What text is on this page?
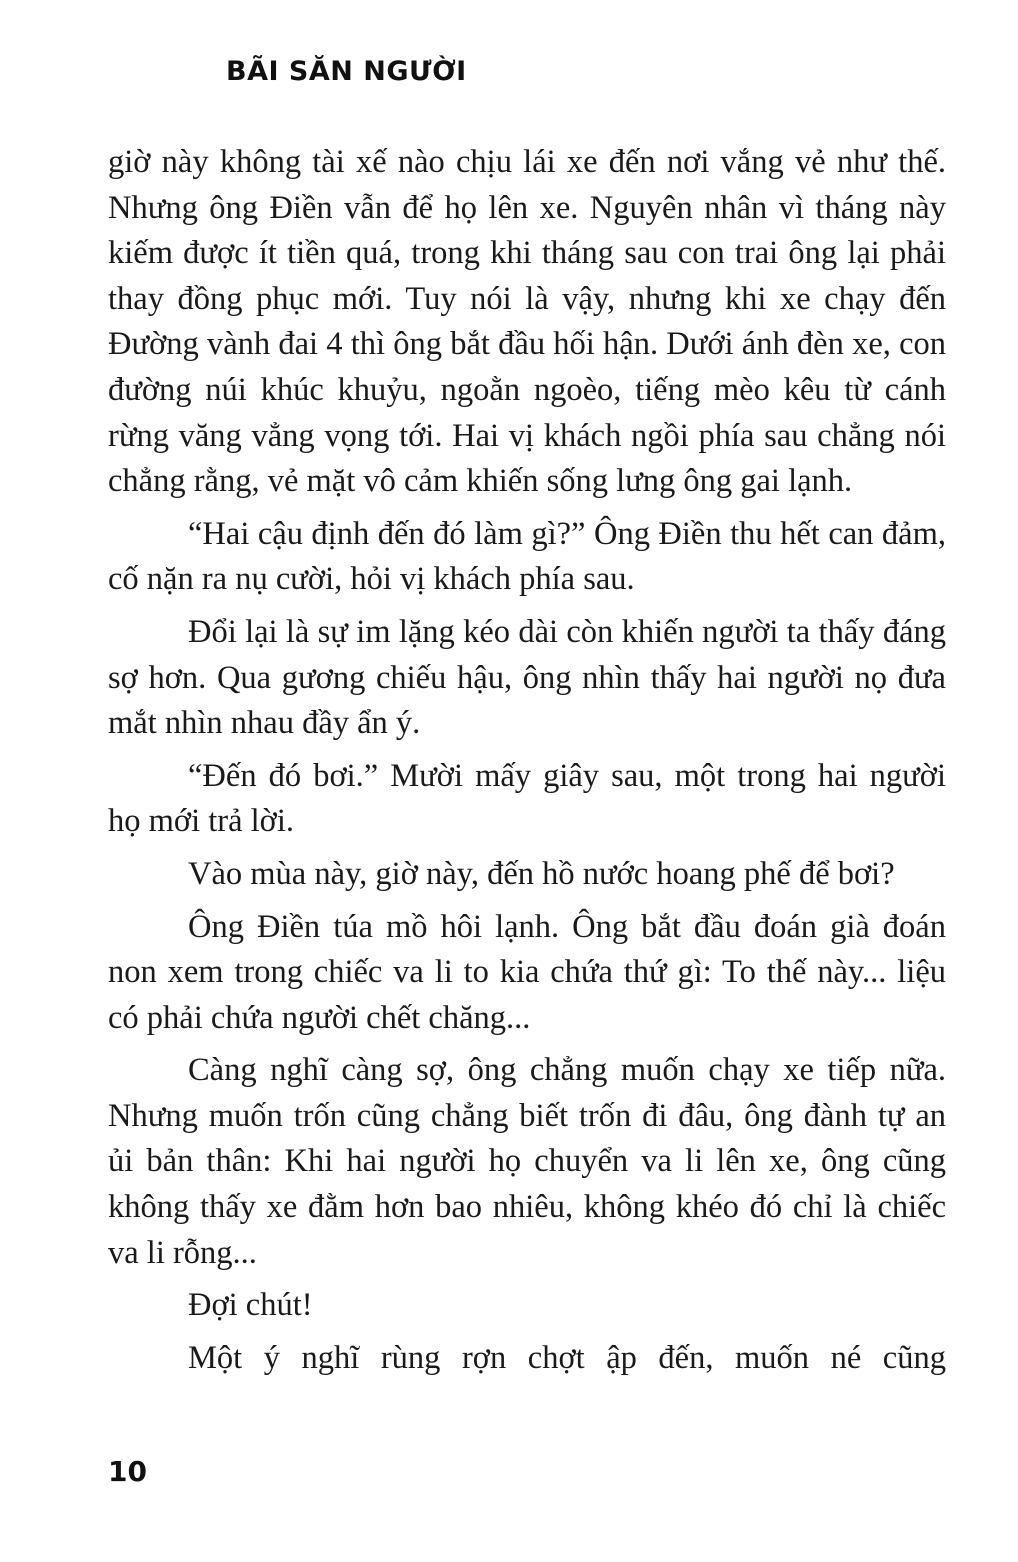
BÃI SĂN NGƯỜI

giờ này không tài xế nào chịu lái xe đến nơi vắng vẻ như thế. Nhưng ông Điền vẫn để họ lên xe. Nguyên nhân vì tháng này kiếm được ít tiền quá, trong khi tháng sau con trai ông lại phải thay đồng phục mới. Tuy nói là vậy, nhưng khi xe chạy đến Đường vành đai 4 thì ông bắt đầu hối hận. Dưới ánh đèn xe, con đường núi khúc khuỷu, ngoằn ngoèo, tiếng mèo kêu từ cánh rừng văng vẳng vọng tới. Hai vị khách ngồi phía sau chẳng nói chẳng rằng, vẻ mặt vô cảm khiến sống lưng ông gai lạnh.

“Hai cậu định đến đó làm gì?” Ông Điền thu hết can đảm, cố nặn ra nụ cười, hỏi vị khách phía sau.

Đổi lại là sự im lặng kéo dài còn khiến người ta thấy đáng sợ hơn. Qua gương chiếu hậu, ông nhìn thấy hai người nọ đưa mắt nhìn nhau đầy ẩn ý.

“Đến đó bơi.” Mười mấy giây sau, một trong hai người họ mới trả lời.

Vào mùa này, giờ này, đến hồ nước hoang phế để bơi?

Ông Điền túa mồ hôi lạnh. Ông bắt đầu đoán già đoán non xem trong chiếc va li to kia chứa thứ gì: To thế này... liệu có phải chứa người chết chăng...

Càng nghĩ càng sợ, ông chẳng muốn chạy xe tiếp nữa. Nhưng muốn trốn cũng chẳng biết trốn đi đâu, ông đành tự an ủi bản thân: Khi hai người họ chuyển va li lên xe, ông cũng không thấy xe đằm hơn bao nhiêu, không khéo đó chỉ là chiếc va li rỗng...

Đợi chút!

Một ý nghĩ rùng rợn chợt ập đến, muốn né cũng

10
